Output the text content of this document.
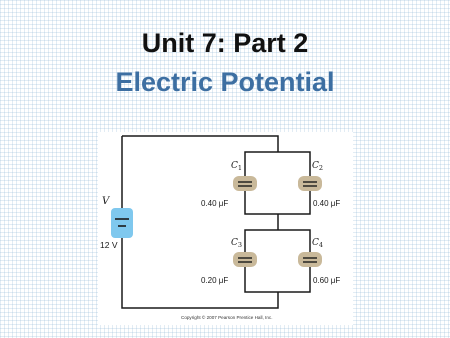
Unit 7: Part 2
Electric Potential
V
12 V
$C_1$
0.40 μF
$C_2$
0.40 μF
$C_3$
0.20 μF
$C_4$
0.60 μF
Copyright © 2007 Pearson Prentice Hall, Inc.
